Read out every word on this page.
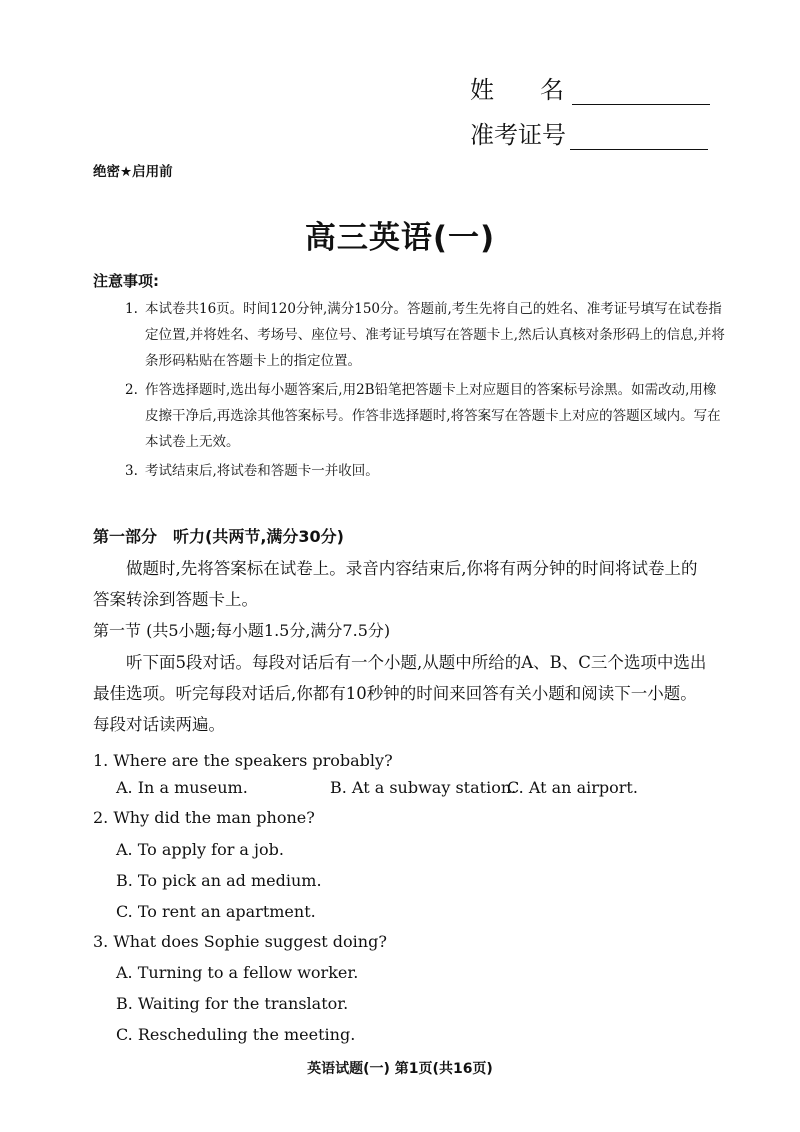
姓名
准考证号
绝密★启用前
高三英语(一)
注意事项:
1. 本试卷共16页。时间120分钟,满分150分。答题前,考生先将自己的姓名、准考证号填写在试卷指定位置,并将姓名、考场号、座位号、准考证号填写在答题卡上,然后认真核对条形码上的信息,并将条形码粘贴在答题卡上的指定位置。
2. 作答选择题时,选出每小题答案后,用2B铅笔把答题卡上对应题目的答案标号涂黑。如需改动,用橡皮擦干净后,再选涂其他答案标号。作答非选择题时,将答案写在答题卡上对应的答题区域内。写在本试卷上无效。
3. 考试结束后,将试卷和答题卡一并收回。
第一部分 听力(共两节,满分30分)
做题时,先将答案标在试卷上。录音内容结束后,你将有两分钟的时间将试卷上的答案转涂到答题卡上。
第一节 (共5小题;每小题1.5分,满分7.5分)
听下面5段对话。每段对话后有一个小题,从题中所给的A、B、C三个选项中选出最佳选项。听完每段对话后,你都有10秒钟的时间来回答有关小题和阅读下一小题。每段对话读两遍。
1. Where are the speakers probably?
A. In a museum.	B. At a subway station.
C. At an airport.
2. Why did the man phone?
A. To apply for a job.
B. To pick an ad medium.
C. To rent an apartment.
3. What does Sophie suggest doing?
A. Turning to a fellow worker.
B. Waiting for the translator.
C. Rescheduling the meeting.
英语试题(一) 第1页(共16页)
